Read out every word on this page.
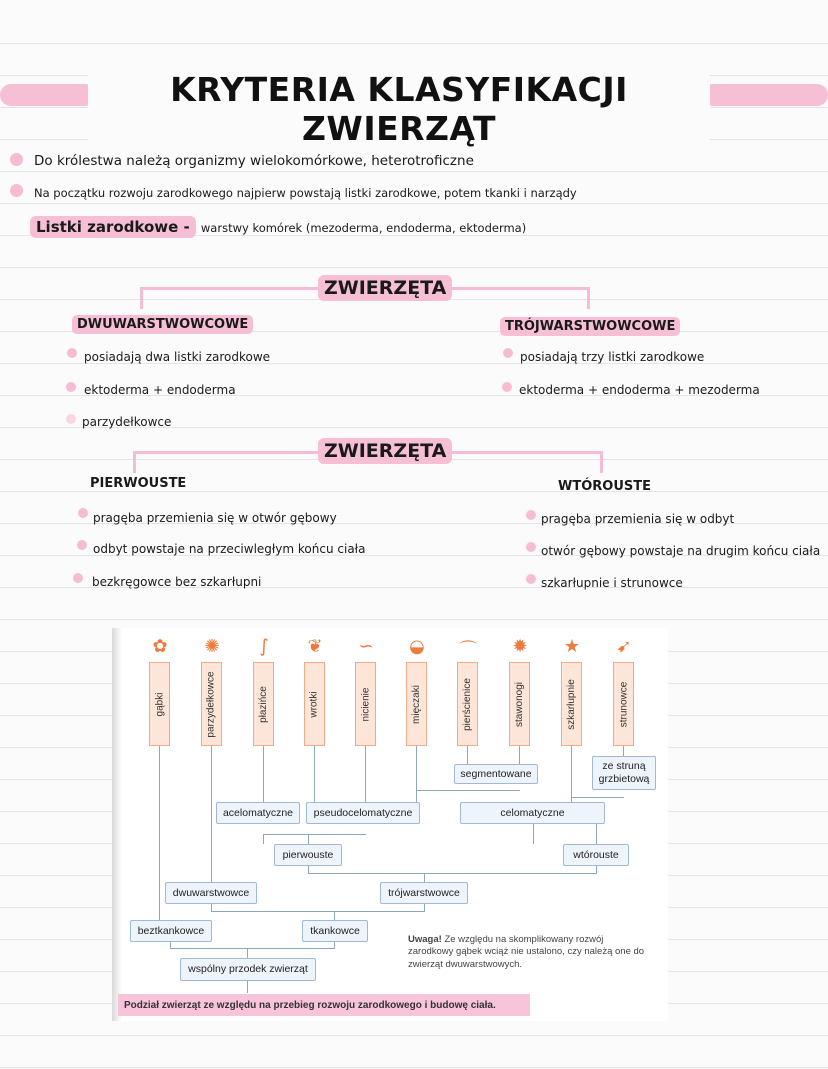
KRYTERIA KLASYFIKACJI ZWIERZĄT
Do królestwa należą organizmy wielokomórkowe, heterotroficzne
Na początku rozwoju zarodkowego najpierw powstają listki zarodkowe, potem tkanki i narządy
Listki zarodkowe - warstwy komórek (mezoderma, endoderma, ektoderma)
ZWIERZĘTA
DWUWARSTWOWCOWE	TRÓJWARSTWOWCOWE
posiadają dwa listki zarodkowe
ektoderma + endoderma
parzydełkowce
posiadają trzy listki zarodkowe
ektoderma + endoderma + mezoderma
ZWIERZĘTA
PIERWOUSTE	WTÓROUSTE
pragęba przemienia się w otwór gębowy
odbyt powstaje na przeciwległym końcu ciała
bezkręgowce bez szkarłupni
pragęba przemienia się w odbyt
otwór gębowy powstaje na drugim końcu ciała
szkarłupnie i strunowce
✿ ✺	∫	❦ ∽ ◒ ⌒ ✹ ★ ➹
gąbki	parzydełkowce	płazińce	wrotki	nicienie	mięczaki	pierścienice	stawonogi	szkarłupnie	strunowce
segmentowane
ze struną grzbietową
acelomatyczne	pseudocelomatyczne	celomatyczne
pierwouste	wtórouste
dwuwarstwowce	trójwarstwowce
beztkankowce	tkankowce
wspólny przodek zwierząt
Uwaga! Ze względu na skomplikowany rozwój zarodkowy gąbek wciąż nie ustalono, czy należą one do zwierząt dwuwarstwowych.
Podział zwierząt ze względu na przebieg rozwoju zarodkowego i budowę ciała.
